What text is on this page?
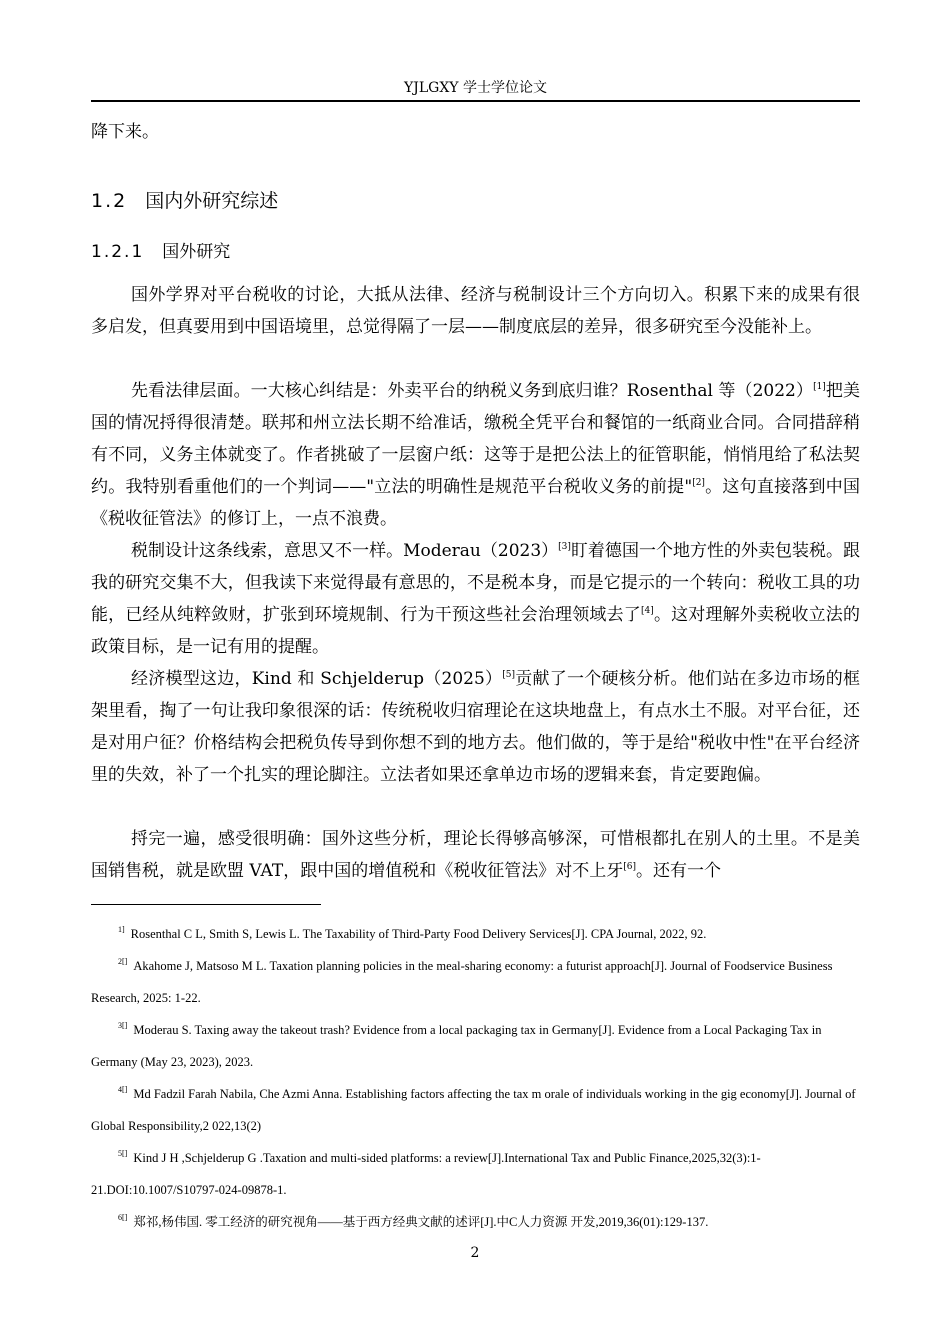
YJLGXY 学士学位论文

降下来。

1.2 国内外研究综述
1.2.1 国外研究

国外学界对平台税收的讨论，大抵从法律、经济与税制设计三个方向切入。积累下来的成果有很多启发，但真要用到中国语境里，总觉得隔了一层——制度底层的差异，很多研究至今没能补上。

先看法律层面。一大核心纠结是：外卖平台的纳税义务到底归谁？Rosenthal 等（2022）[1]把美国的情况捋得很清楚。联邦和州立法长期不给准话，缴税全凭平台和餐馆的一纸商业合同。合同措辞稍有不同，义务主体就变了。作者挑破了一层窗户纸：这等于是把公法上的征管职能，悄悄甩给了私法契约。我特别看重他们的一个判词——"立法的明确性是规范平台税收义务的前提"[2]。这句直接落到中国《税收征管法》的修订上，一点不浪费。

税制设计这条线索，意思又不一样。Moderau（2023）[3]盯着德国一个地方性的外卖包装税。跟我的研究交集不大，但我读下来觉得最有意思的，不是税本身，而是它提示的一个转向：税收工具的功能，已经从纯粹敛财，扩张到环境规制、行为干预这些社会治理领域去了[4]。这对理解外卖税收立法的政策目标，是一记有用的提醒。

经济模型这边，Kind 和 Schjelderup（2025）[5]贡献了一个硬核分析。他们站在多边市场的框架里看，掏了一句让我印象很深的话：传统税收归宿理论在这块地盘上，有点水土不服。对平台征，还是对用户征？价格结构会把税负传导到你想不到的地方去。他们做的，等于是给"税收中性"在平台经济里的失效，补了一个扎实的理论脚注。立法者如果还拿单边市场的逻辑来套，肯定要跑偏。

捋完一遍，感受很明确：国外这些分析，理论长得够高够深，可惜根都扎在别人的土里。不是美国销售税，就是欧盟 VAT，跟中国的增值税和《税收征管法》对不上牙[6]。还有一个

$^{1]}$ Rosenthal C L, Smith S, Lewis L. The Taxability of Third-Party Food Delivery Services[J]. CPA Journal, 2022, 92.

$^{2[]}$ Akahome J, Matsoso M L. Taxation planning policies in the meal-sharing economy: a futurist approach[J]. Journal of Foodservice Business Research, 2025: 1-22.

$^{3[]}$ Moderau S. Taxing away the takeout trash? Evidence from a local packaging tax in Germany[J]. Evidence from a Local Packaging Tax in Germany (May 23, 2023), 2023.

$^{4[]}$ Md Fadzil Farah Nabila, Che Azmi Anna. Establishing factors affecting the tax m orale of individuals working in the gig economy[J]. Journal of Global Responsibility,2 022,13(2)

$^{5[]}$ Kind J H ,Schjelderup G .Taxation and multi-sided platforms: a review[J].International Tax and Public Finance,2025,32(3):1-21.DOI:10.1007/S10797-024-09878-1.

$^{6[]}$ 郑祁,杨伟国. 零工经济的研究视角——基于西方经典文献的述评[J].中C人力资源 开发,2019,36(01):129-137.

2
